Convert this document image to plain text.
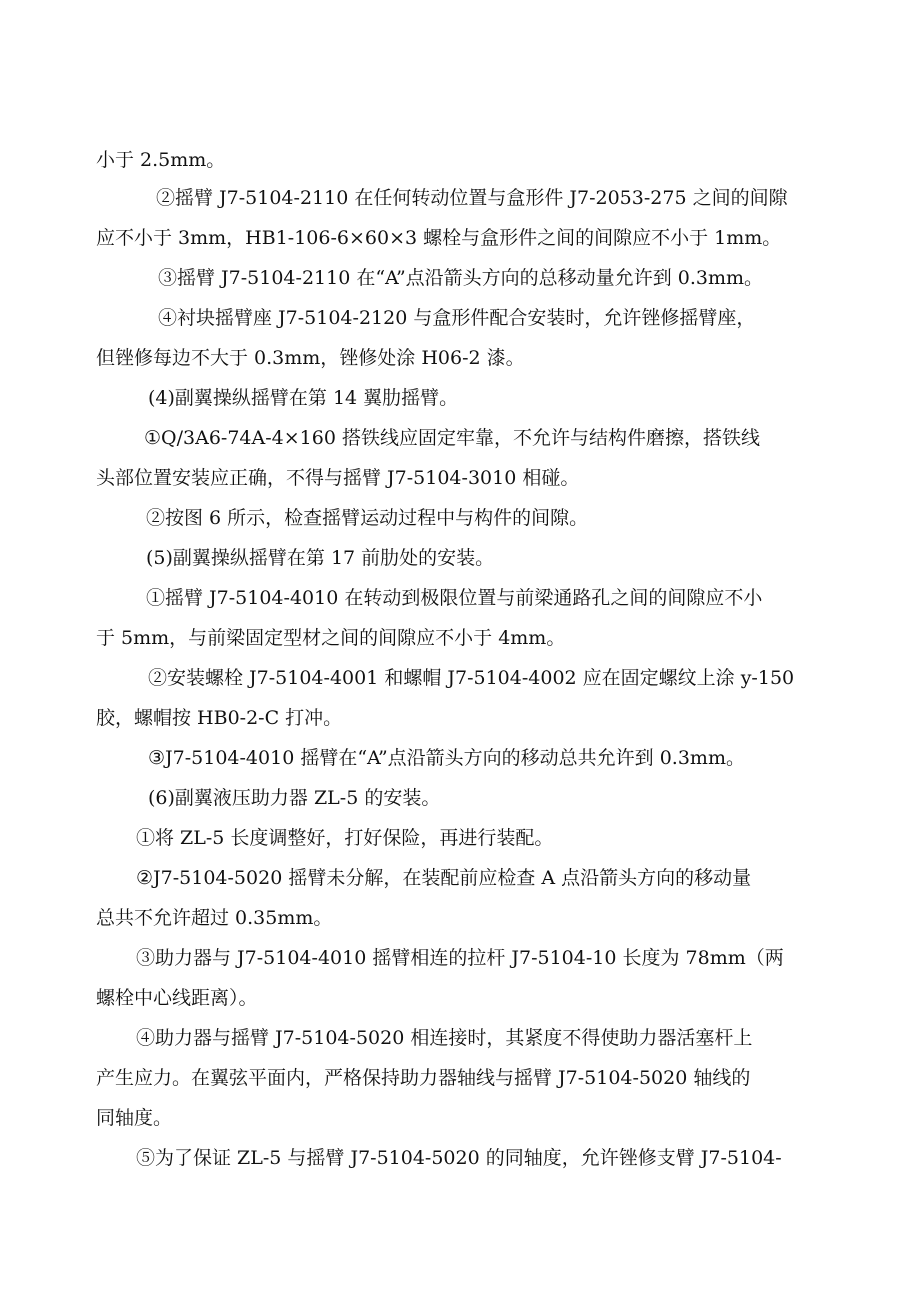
小于 2.5mm。
②摇臂 J7-5104-2110 在任何转动位置与盒形件 J7-2053-275 之间的间隙
应不小于 3mm，HB1-106-6×60×3 螺栓与盒形件之间的间隙应不小于 1mm。
③摇臂 J7-5104-2110 在“A”点沿箭头方向的总移动量允许到 0.3mm。
④衬块摇臂座 J7-5104-2120 与盒形件配合安装时，允许锉修摇臂座，
但锉修每边不大于 0.3mm，锉修处涂 H06-2 漆。
(4)副翼操纵摇臂在第 14 翼肋摇臂。
①Q/3A6-74A-4×160 搭铁线应固定牢靠，不允许与结构件磨擦，搭铁线
头部位置安装应正确，不得与摇臂 J7-5104-3010 相碰。
②按图 6 所示，检查摇臂运动过程中与构件的间隙。
(5)副翼操纵摇臂在第 17 前肋处的安装。
①摇臂 J7-5104-4010 在转动到极限位置与前梁通路孔之间的间隙应不小
于 5mm，与前梁固定型材之间的间隙应不小于 4mm。
②安装螺栓 J7-5104-4001 和螺帽 J7-5104-4002 应在固定螺纹上涂 y-150
胶，螺帽按 HB0-2-C 打冲。
③J7-5104-4010 摇臂在“A”点沿箭头方向的移动总共允许到 0.3mm。
(6)副翼液压助力器 ZL-5 的安装。
①将 ZL-5 长度调整好，打好保险，再进行装配。
②J7-5104-5020 摇臂未分解，在装配前应检查 A 点沿箭头方向的移动量
总共不允许超过 0.35mm。
③助力器与 J7-5104-4010 摇臂相连的拉杆 J7-5104-10 长度为 78mm（两
螺栓中心线距离）。
④助力器与摇臂 J7-5104-5020 相连接时，其紧度不得使助力器活塞杆上
产生应力。在翼弦平面内，严格保持助力器轴线与摇臂 J7-5104-5020 轴线的
同轴度。
⑤为了保证 ZL-5 与摇臂 J7-5104-5020 的同轴度，允许锉修支臂 J7-5104-
